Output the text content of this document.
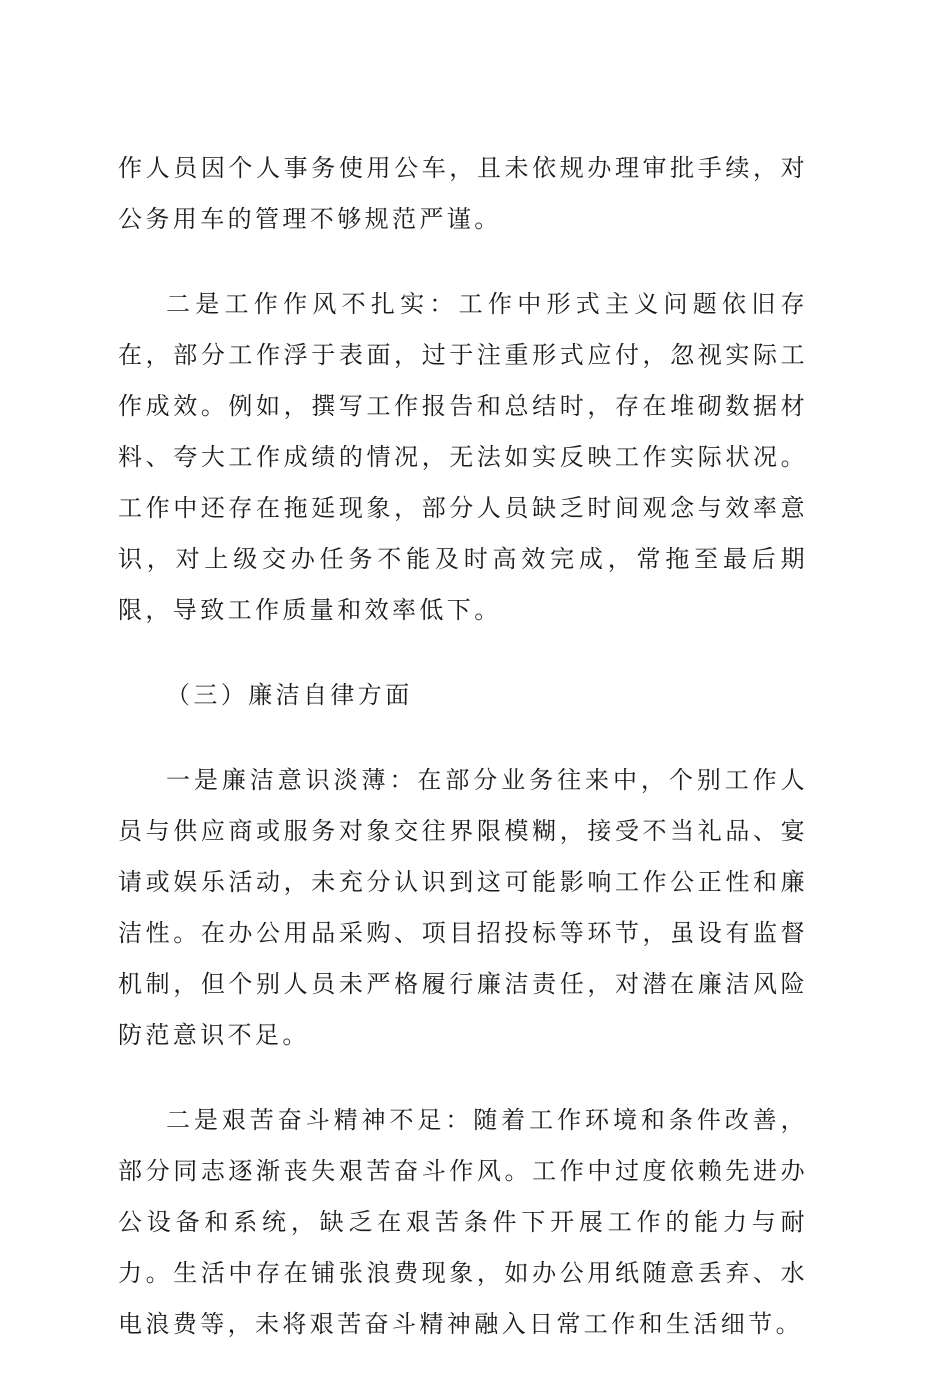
作人员因个人事务使用公车，且未依规办理审批手续，对公务用车的管理不够规范严谨。

二是工作作风不扎实：工作中形式主义问题依旧存在，部分工作浮于表面，过于注重形式应付，忽视实际工作成效。例如，撰写工作报告和总结时，存在堆砌数据材料、夸大工作成绩的情况，无法如实反映工作实际状况。工作中还存在拖延现象，部分人员缺乏时间观念与效率意识，对上级交办任务不能及时高效完成，常拖至最后期限，导致工作质量和效率低下。

（三）廉洁自律方面

一是廉洁意识淡薄：在部分业务往来中，个别工作人员与供应商或服务对象交往界限模糊，接受不当礼品、宴请或娱乐活动，未充分认识到这可能影响工作公正性和廉洁性。在办公用品采购、项目招投标等环节，虽设有监督机制，但个别人员未严格履行廉洁责任，对潜在廉洁风险防范意识不足。

二是艰苦奋斗精神不足：随着工作环境和条件改善，部分同志逐渐丧失艰苦奋斗作风。工作中过度依赖先进办公设备和系统，缺乏在艰苦条件下开展工作的能力与耐力。生活中存在铺张浪费现象，如办公用纸随意丢弃、水电浪费等，未将艰苦奋斗精神融入日常工作和生活细节。
